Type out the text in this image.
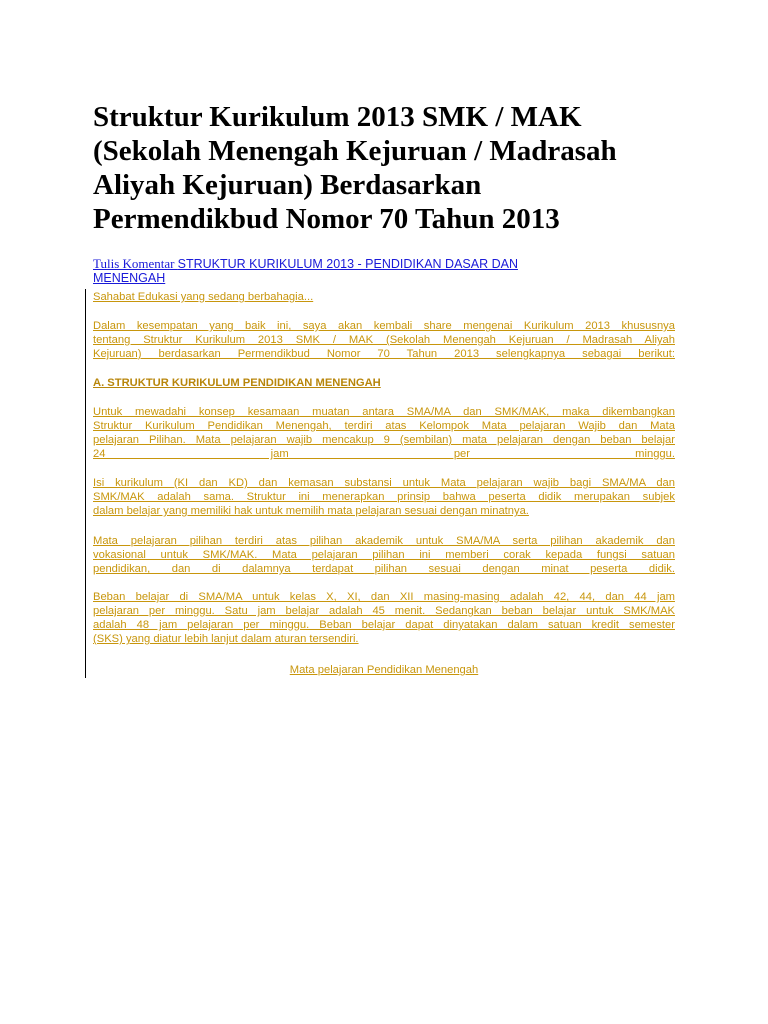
Struktur Kurikulum 2013 SMK / MAK
(Sekolah Menengah Kejuruan / Madrasah
Aliyah Kejuruan) Berdasarkan
Permendikbud Nomor 70 Tahun 2013
Tulis Komentar STRUKTUR KURIKULUM 2013 - PENDIDIKAN DASAR DAN
MENENGAH

Sahabat Edukasi yang sedang berbahagia...

Dalam kesempatan yang baik ini, saya akan kembali share mengenai Kurikulum 2013 khususnya
tentang Struktur Kurikulum 2013 SMK / MAK (Sekolah Menengah Kejuruan / Madrasah Aliyah
Kejuruan) berdasarkan Permendikbud Nomor 70 Tahun 2013 selengkapnya sebagai berikut:

A. STRUKTUR KURIKULUM PENDIDIKAN MENENGAH

Untuk mewadahi konsep kesamaan muatan antara SMA/MA dan SMK/MAK, maka dikembangkan
Struktur Kurikulum Pendidikan Menengah, terdiri atas Kelompok Mata pelajaran Wajib dan Mata
pelajaran Pilihan. Mata pelajaran wajib mencakup 9 (sembilan) mata pelajaran dengan beban belajar
24 jam per minggu.
Isi kurikulum (KI dan KD) dan kemasan substansi untuk Mata pelajaran wajib bagi SMA/MA dan
SMK/MAK adalah sama. Struktur ini menerapkan prinsip bahwa peserta didik merupakan subjek
dalam belajar yang memiliki hak untuk memilih mata pelajaran sesuai dengan minatnya.
Mata pelajaran pilihan terdiri atas pilihan akademik untuk SMA/MA serta pilihan akademik dan
vokasional untuk SMK/MAK. Mata pelajaran pilihan ini memberi corak kepada fungsi satuan
pendidikan, dan di dalamnya terdapat pilihan sesuai dengan minat peserta didik.
Beban belajar di SMA/MA untuk kelas X, XI, dan XII masing-masing adalah 42, 44, dan 44 jam
pelajaran per minggu. Satu jam belajar adalah 45 menit. Sedangkan beban belajar untuk SMK/MAK
adalah 48 jam pelajaran per minggu. Beban belajar dapat dinyatakan dalam satuan kredit semester
(SKS) yang diatur lebih lanjut dalam aturan tersendiri.
Mata pelajaran Pendidikan Menengah
